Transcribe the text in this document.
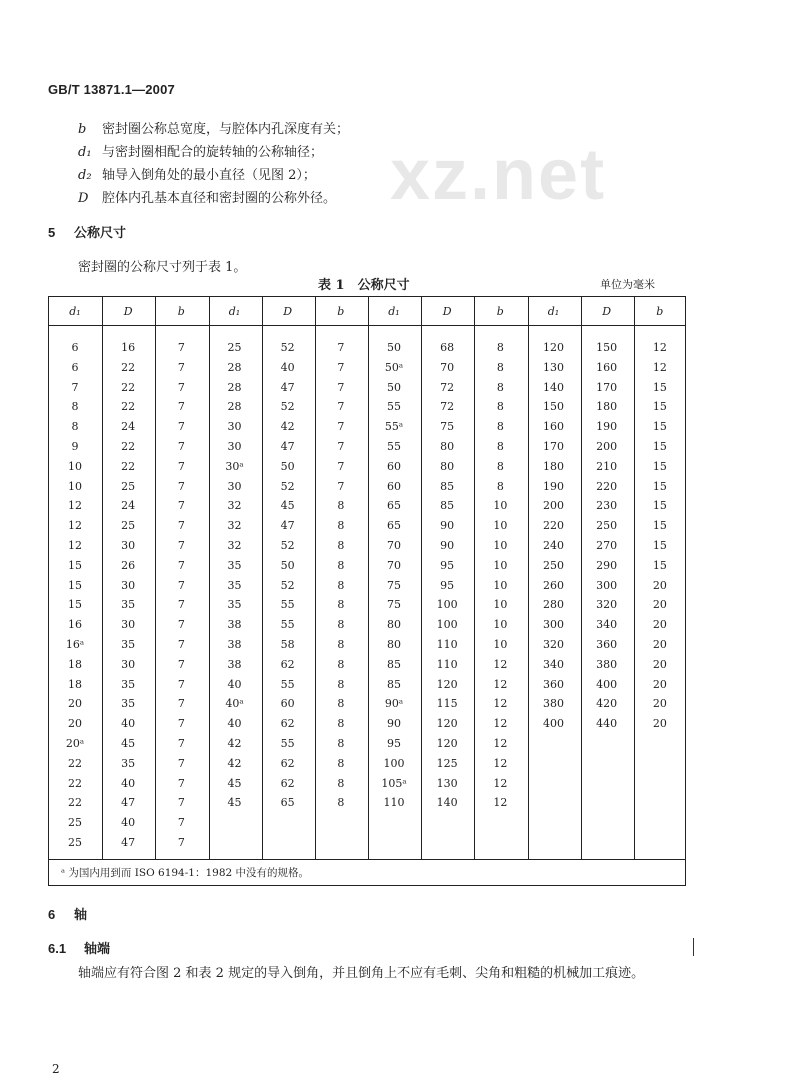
xz.net
GB/T 13871.1—2007
b 密封圈公称总宽度，与腔体内孔深度有关；
d₁ 与密封圈相配合的旋转轴的公称轴径；
d₂ 轴导入倒角处的最小直径（见图 2）；
D 腔体内孔基本直径和密封圈的公称外径。
5 公称尺寸
密封圈的公称尺寸列于表 1。
表 1　公称尺寸	单位为毫米
ᵃ 为国内用到而 ISO 6194-1：1982 中没有的规格。
d₁	D	b
6	16	7
6	22	7
7	22	7
8	22	7
8	24	7
9	22	7
10	22	7
10	25	7
12	24	7
12	25	7
12	30	7
15	26	7
15	30	7
15	35	7
16	30	7
16ᵃ	35	7
18	30	7
18	35	7
20	35	7
20	40	7
20ᵃ	45	7
22	35	7
22	40	7
22	47	7
25	40	7
25	47	7
d₁	D	b
25	52	7
28	40	7
28	47	7
28	52	7
30	42	7
30	47	7
30ᵃ	50	7
30	52	7
32	45	8
32	47	8
32	52	8
35	50	8
35	52	8
35	55	8
38	55	8
38	58	8
38	62	8
40	55	8
40ᵃ	60	8
40	62	8
42	55	8
42	62	8
45	62	8
45	65	8
d₁	D	b
50	68	8
50ᵃ	70	8
50	72	8
55	72	8
55ᵃ	75	8
55	80	8
60	80	8
60	85	8
65	85	10
65	90	10
70	90	10
70	95	10
75	95	10
75	100	10
80	100	10
80	110	10
85	110	12
85	120	12
90ᵃ	115	12
90	120	12
95	120	12
100	125	12
105ᵃ	130	12
110	140	12
d₁	D	b
120	150	12
130	160	12
140	170	15
150	180	15
160	190	15
170	200	15
180	210	15
190	220	15
200	230	15
220	250	15
240	270	15
250	290	15
260	300	20
280	320	20
300	340	20
320	360	20
340	380	20
360	400	20
380	420	20
400	440	20
6 轴
6.1 轴端
轴端应有符合图 2 和表 2 规定的导入倒角，并且倒角上不应有毛刺、尖角和粗糙的机械加工痕迹。
2
